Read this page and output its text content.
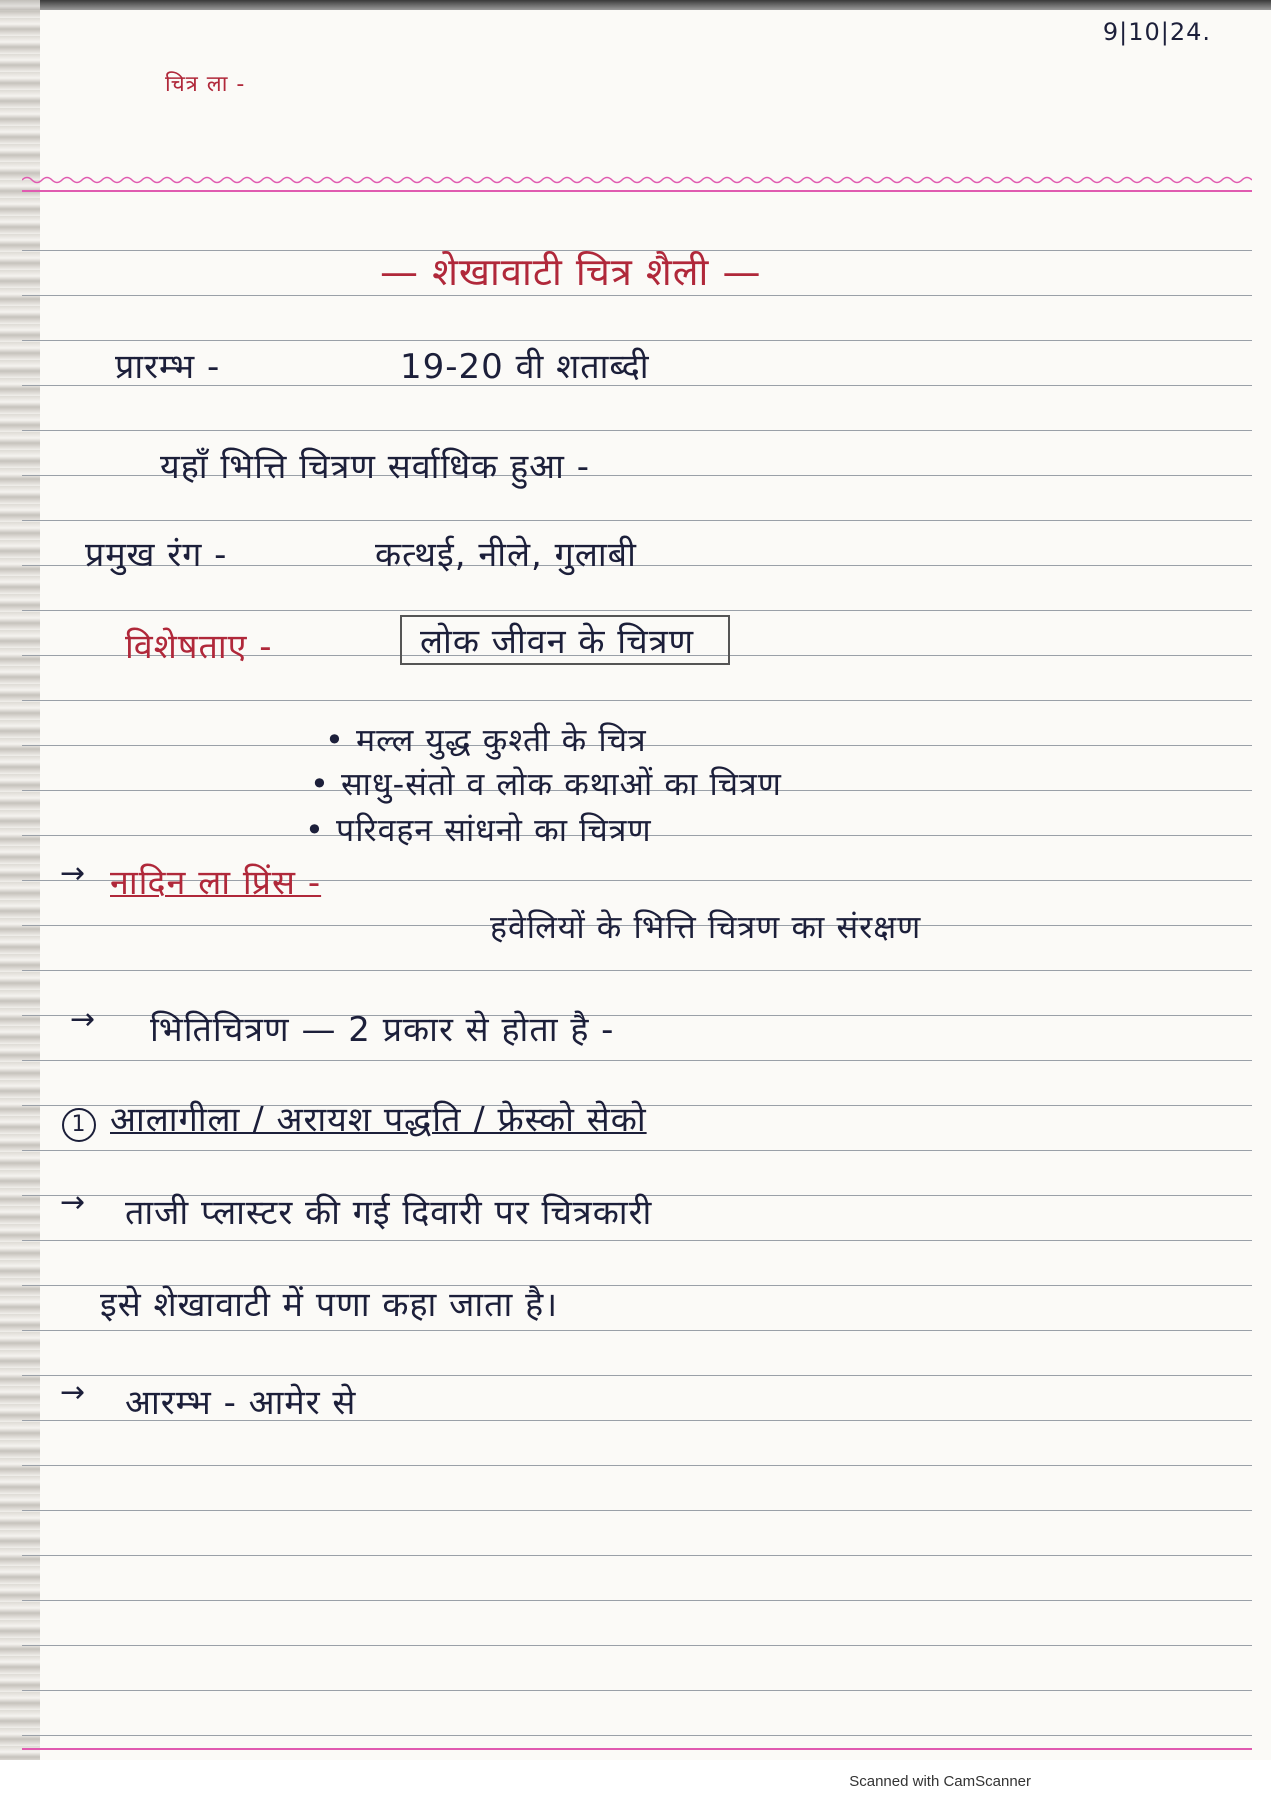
9|10|24.
चित्र ला -
— शेखावाटी चित्र शैली —
प्रारम्भ -	19-20 वी शताब्दी
यहाँ भित्ति चित्रण सर्वाधिक हुआ -
प्रमुख रंग -	कत्थई, नीले, गुलाबी
विशेषताए -	लोक जीवन के चित्रण
• मल्ल युद्ध कुश्ती के चित्र
• साधु-संतो व लोक कथाओं का चित्रण
• परिवहन सांधनो का चित्रण
→ नादिन ला प्रिंस -
हवेलियों के भित्ति चित्रण का संरक्षण
→ भितिचित्रण — 2 प्रकार से होता है -
1 आलागीला / अरायश पद्धति / फ्रेस्को सेको
→ ताजी प्लास्टर की गई दिवारी पर चित्रकारी
इसे शेखावाटी में पणा कहा जाता है।
→ आरम्भ - आमेर से
Scanned with CamScanner
